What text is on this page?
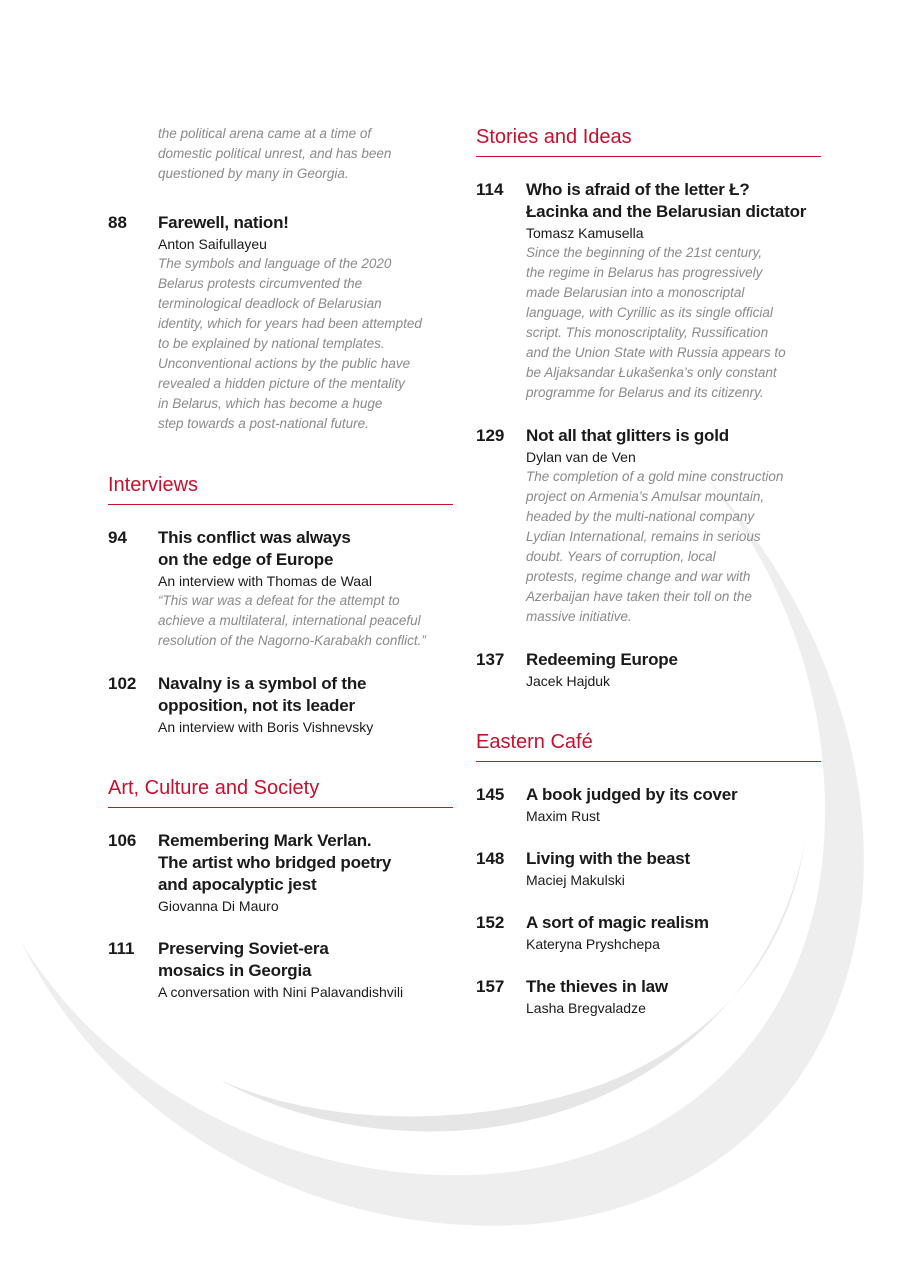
the political arena came at a time of
domestic political unrest, and has been
questioned by many in Georgia.
88	Farewell, nation!
Anton Saifullayeu
The symbols and language of the 2020
Belarus protests circumvented the
terminological deadlock of Belarusian
identity, which for years had been attempted
to be explained by national templates.
Unconventional actions by the public have
revealed a hidden picture of the mentality
in Belarus, which has become a huge
step towards a post-national future.
Interviews
94	This conflict was always
on the edge of Europe
An interview with Thomas de Waal
“This war was a defeat for the attempt to
achieve a multilateral, international peaceful
resolution of the Nagorno-Karabakh conflict.”
102	Navalny is a symbol of the
opposition, not its leader
An interview with Boris Vishnevsky
Art, Culture and Society
106	Remembering Mark Verlan.
The artist who bridged poetry
and apocalyptic jest
Giovanna Di Mauro
111	Preserving Soviet-era
mosaics in Georgia
A conversation with Nini Palavandishvili
Stories and Ideas
114	Who is afraid of the letter Ł?
Łacinka and the Belarusian dictator
Tomasz Kamusella
Since the beginning of the 21st century,
the regime in Belarus has progressively
made Belarusian into a monoscriptal
language, with Cyrillic as its single official
script. This monoscriptality, Russification
and the Union State with Russia appears to
be Aljaksandar Łukašenka’s only constant
programme for Belarus and its citizenry.
129	Not all that glitters is gold
Dylan van de Ven
The completion of a gold mine construction
project on Armenia’s Amulsar mountain,
headed by the multi-national company
Lydian International, remains in serious
doubt. Years of corruption, local
protests, regime change and war with
Azerbaijan have taken their toll on the
massive initiative.
137	Redeeming Europe
Jacek Hajduk
Eastern Café
145	A book judged by its cover
Maxim Rust
148	Living with the beast
Maciej Makulski
152	A sort of magic realism
Kateryna Pryshchepa
157	The thieves in law
Lasha Bregvaladze
